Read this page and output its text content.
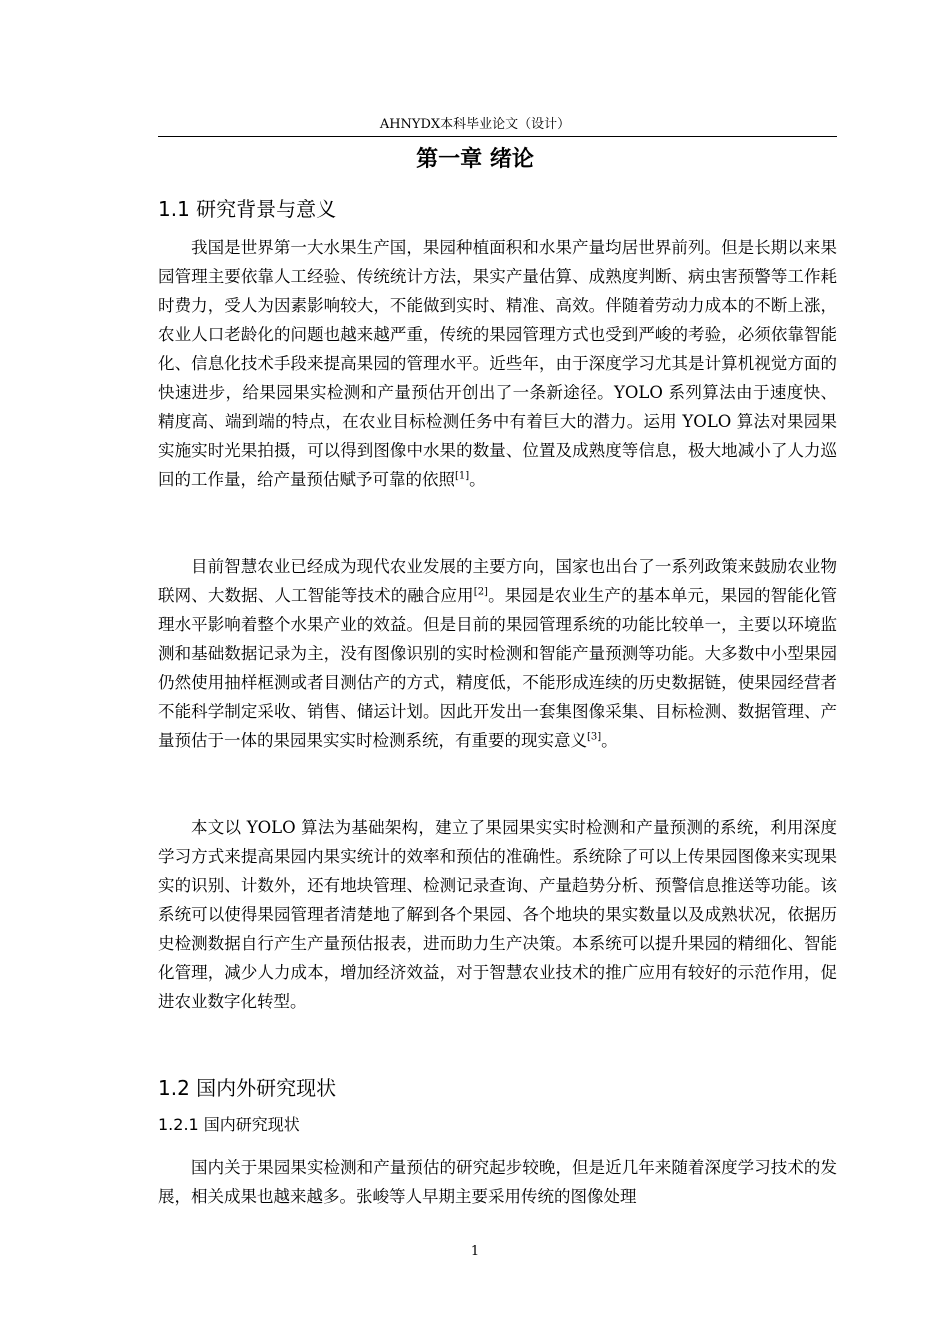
AHNYDX本科毕业论文（设计）
第一章 绪论
1.1 研究背景与意义

我国是世界第一大水果生产国，果园种植面积和水果产量均居世界前列。但是长期以来果园管理主要依靠人工经验、传统统计方法，果实产量估算、成熟度判断、病虫害预警等工作耗时费力，受人为因素影响较大，不能做到实时、精准、高效。伴随着劳动力成本的不断上涨，农业人口老龄化的问题也越来越严重，传统的果园管理方式也受到严峻的考验，必须依靠智能化、信息化技术手段来提高果园的管理水平。近些年，由于深度学习尤其是计算机视觉方面的快速进步，给果园果实检测和产量预估开创出了一条新途径。YOLO 系列算法由于速度快、精度高、端到端的特点，在农业目标检测任务中有着巨大的潜力。运用 YOLO 算法对果园果实施实时光果拍摄，可以得到图像中水果的数量、位置及成熟度等信息，极大地减小了人力巡回的工作量，给产量预估赋予可靠的依照[1]。

目前智慧农业已经成为现代农业发展的主要方向，国家也出台了一系列政策来鼓励农业物联网、大数据、人工智能等技术的融合应用[2]。果园是农业生产的基本单元，果园的智能化管理水平影响着整个水果产业的效益。但是目前的果园管理系统的功能比较单一，主要以环境监测和基础数据记录为主，没有图像识别的实时检测和智能产量预测等功能。大多数中小型果园仍然使用抽样框测或者目测估产的方式，精度低，不能形成连续的历史数据链，使果园经营者不能科学制定采收、销售、储运计划。因此开发出一套集图像采集、目标检测、数据管理、产量预估于一体的果园果实实时检测系统，有重要的现实意义[3]。

本文以 YOLO 算法为基础架构，建立了果园果实实时检测和产量预测的系统，利用深度学习方式来提高果园内果实统计的效率和预估的准确性。系统除了可以上传果园图像来实现果实的识别、计数外，还有地块管理、检测记录查询、产量趋势分析、预警信息推送等功能。该系统可以使得果园管理者清楚地了解到各个果园、各个地块的果实数量以及成熟状况，依据历史检测数据自行产生产量预估报表，进而助力生产决策。本系统可以提升果园的精细化、智能化管理，减少人力成本，增加经济效益，对于智慧农业技术的推广应用有较好的示范作用，促进农业数字化转型。

1.2 国内外研究现状
1.2.1 国内研究现状

国内关于果园果实检测和产量预估的研究起步较晚，但是近几年来随着深度学习技术的发展，相关成果也越来越多。张峻等人早期主要采用传统的图像处理

1
